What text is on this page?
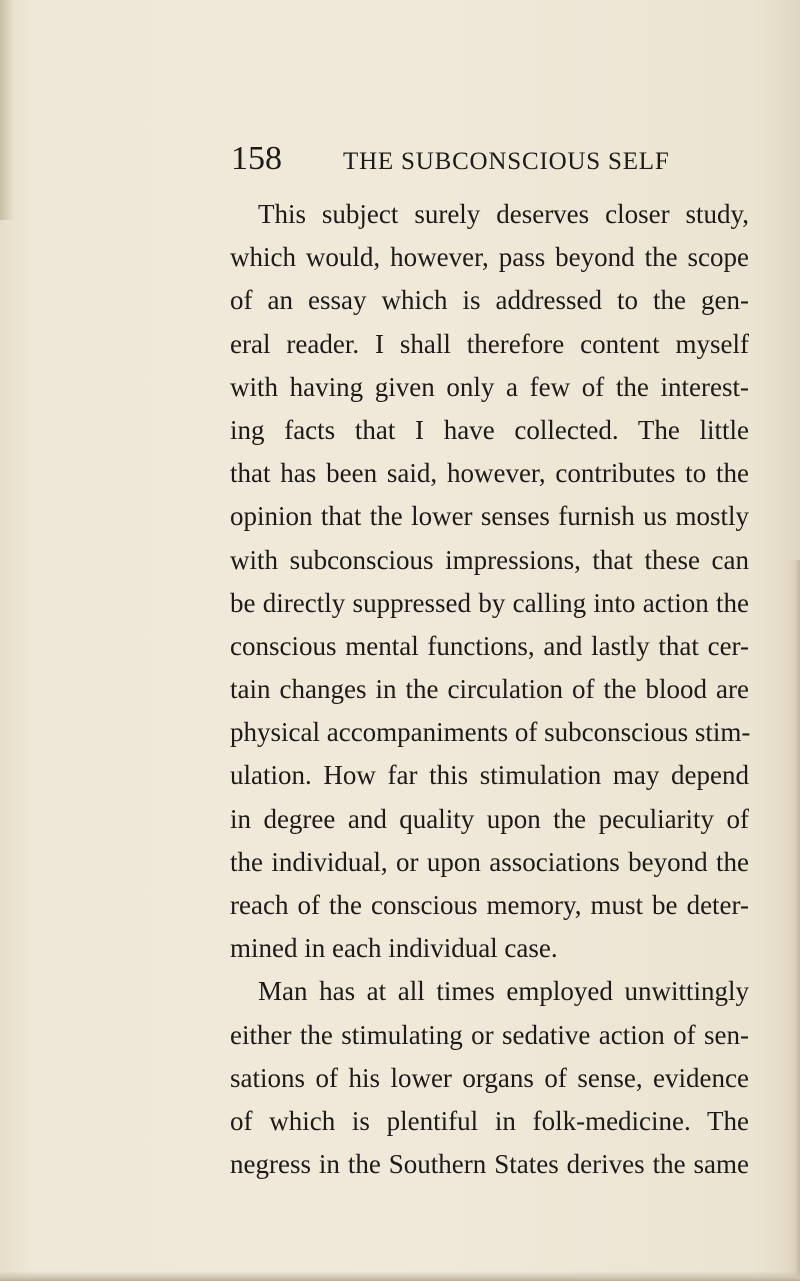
158	THE SUBCONSCIOUS SELF
This subject surely deserves closer study,
which would, however, pass beyond the scope
of an essay which is addressed to the gen-
eral reader. I shall therefore content myself
with having given only a few of the interest-
ing facts that I have collected. The little
that has been said, however, contributes to the
opinion that the lower senses furnish us mostly
with subconscious impressions, that these can
be directly suppressed by calling into action the
conscious mental functions, and lastly that cer-
tain changes in the circulation of the blood are
physical accompaniments of subconscious stim-
ulation. How far this stimulation may depend
in degree and quality upon the peculiarity of
the individual, or upon associations beyond the
reach of the conscious memory, must be deter-
mined in each individual case.
Man has at all times employed unwittingly
either the stimulating or sedative action of sen-
sations of his lower organs of sense, evidence
of which is plentiful in folk-medicine. The
negress in the Southern States derives the same
